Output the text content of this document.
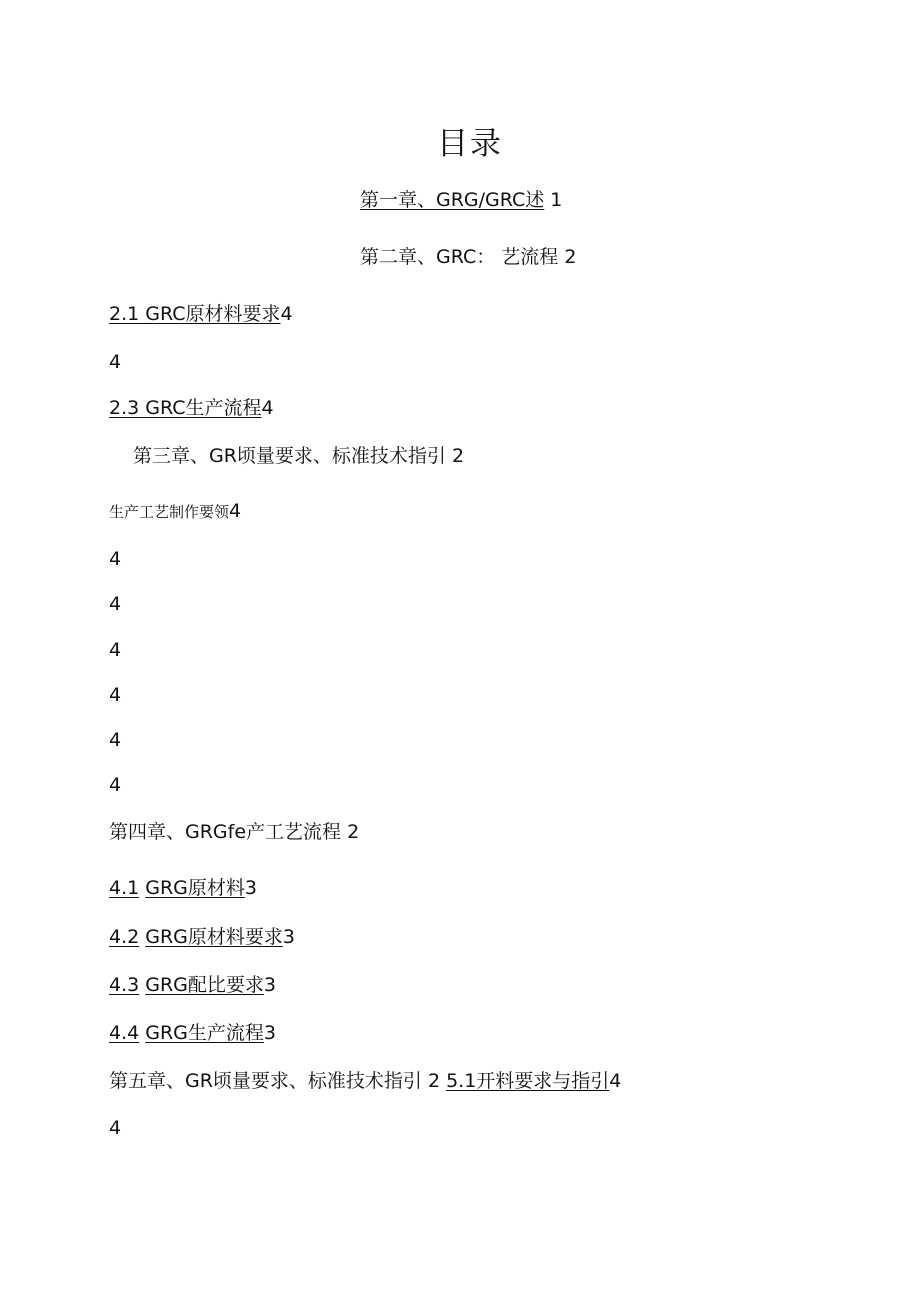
目录
第一章、GRG/GRC述 1
第二章、GRC： 艺流程 2
2.1 GRC原材料要求4
4
2.3 GRC生产流程4
第三章、GR顷量要求、标准技术指引 2
生产工艺制作要领4
4
4
4
4
4
4
第四章、GRGfe产工艺流程 2
4.1 GRG原材料3
4.2 GRG原材料要求3
4.3 GRG配比要求3
4.4 GRG生产流程3
第五章、GR顷量要求、标准技术指引 2 5.1开料要求与指引4
4
